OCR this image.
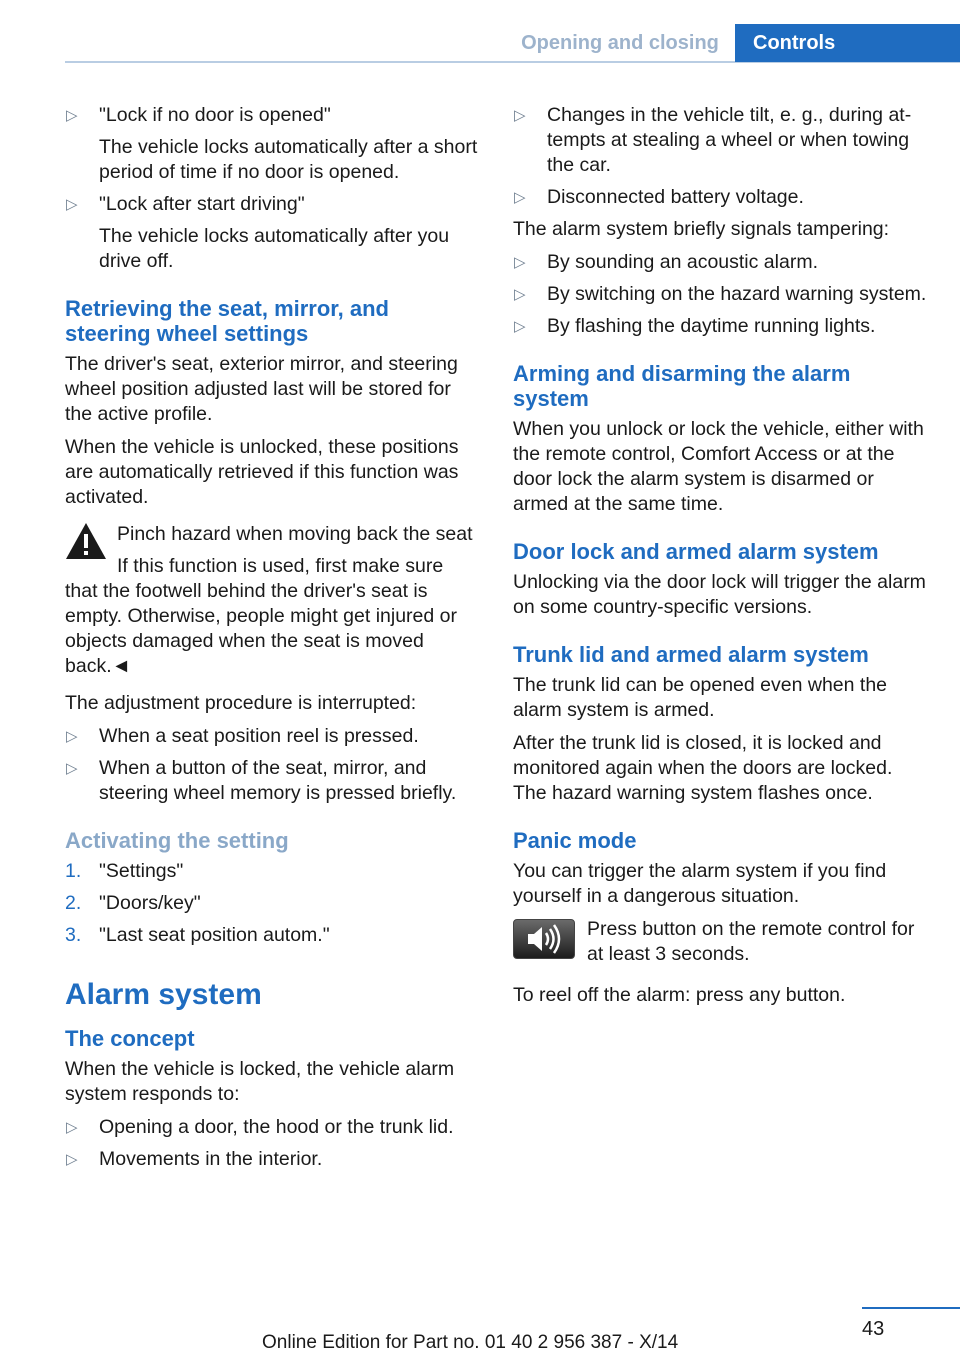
Opening and closing	Controls
▷ "Lock if no door is opened"
The vehicle locks automatically after a short period of time if no door is opened.
▷ "Lock after start driving"
The vehicle locks automatically after you drive off.
Retrieving the seat, mirror, and steering wheel settings

The driver's seat, exterior mirror, and steering wheel position adjusted last will be stored for the active profile.

When the vehicle is unlocked, these positions are automatically retrieved if this function was activated.

Pinch hazard when moving back the seat
If this function is used, first make sure
that the footwell behind the driver's seat is empty. Otherwise, people might get injured or objects damaged when the seat is moved back.◄

The adjustment procedure is interrupted:

▷ When a seat position reel is pressed.
▷ When a button of the seat, mirror, and steering wheel memory is pressed briefly.
Activating the setting
1. "Settings"
2. "Doors/key"
3. "Last seat position autom."
Alarm system
The concept

When the vehicle is locked, the vehicle alarm system responds to:

▷ Opening a door, the hood or the trunk lid.
▷ Movements in the interior.
▷ Changes in the vehicle tilt, e. g., during attempts at stealing a wheel or when towing the car.
▷ Disconnected battery voltage.

The alarm system briefly signals tampering:

▷ By sounding an acoustic alarm.
▷ By switching on the hazard warning system.
▷ By flashing the daytime running lights.
Arming and disarming the alarm system

When you unlock or lock the vehicle, either with the remote control, Comfort Access or at the door lock the alarm system is disarmed or armed at the same time.

Door lock and armed alarm system

Unlocking via the door lock will trigger the alarm on some country-specific versions.

Trunk lid and armed alarm system

The trunk lid can be opened even when the alarm system is armed.

After the trunk lid is closed, it is locked and monitored again when the doors are locked. The hazard warning system flashes once.

Panic mode

You can trigger the alarm system if you find yourself in a dangerous situation.

Press button on the remote control for at least 3 seconds.

To reel off the alarm: press any button.

43
Online Edition for Part no. 01 40 2 956 387 - X/14
